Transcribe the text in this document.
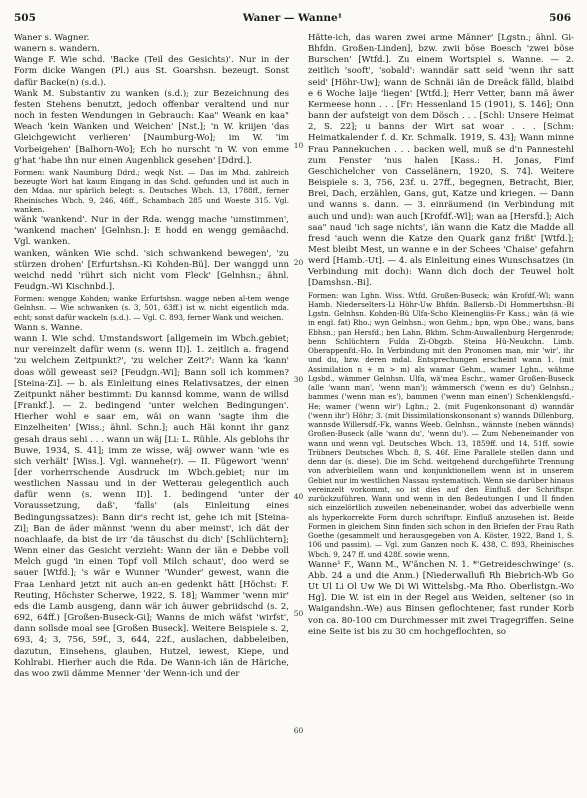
505	Waner — Wanne¹	506

Waner s. Wagner.

wanern s. wandern.

Wange F. Wie schd. 'Backe (Teil des Gesichts)'. Nur in der Form dicke Wangen (Pl.) aus St. Goarshsn. bezeugt. Sonst dafür Backe(n) (s.d.).

Wank M. Substantiv zu wanken (s.d.); zur Bezeichnung des festen Stehens benutzt, jedoch offenbar veraltend und nur noch in festen Wendungen in Gebrauch: Kaa" Weank en kaa" Weach 'kein Wanken und Weichen' [Nst.]; 'n W. kriijen 'das Gleichgewicht verlieren' [Naumburg-Wo]; im W. 'im Vorbeigehen' [Balhorn-Wo]; Ech ho nurscht 'n W. von emme g'hat 'habe ihn nur einen Augenblick gesehen' [Ddrd.].

Formen: wank Naumburg Ddrd.; weqk Nst. — Das im Mhd. zahlreich bezeugte Wort hat kaum Eingang in das Schd. gefunden und ist auch in den Mdaa. nur spärlich belegt: s. Deutsches Wbch. 13, 1788ff., ferner Rheinisches Wbch. 9, 246, 46ff., Schambach 285 und Woeste 315. Vgl. wanken.

wänk 'wankend'. Nur in der Rda. wengg mache 'umstimmen', 'wankend machen' [Gelnhsn.]: E hodd en wengg gemäachd. Vgl. wanken.

wanken, wänken Wie schd. 'sich schwankend bewegen', 'zu stürzen drohen' [Erfurtshsn.-Ki Kohden-Bü]. Der wanggd unn weichd nedd 'rührt sich nicht vom Fleck' [Gelnhsn.; ähnl. Feudgn.-Wi Kischnbd.].

Formen: wengge Kohden; wanke Erfurtshsn. wagge neben al-tem wenge Gelnhsn. — Wie schwanken (s. 3, 501, 63ff.) ist w. nicht eigentlich mda. echt; sonst dafür wackeln (s.d.). — Vgl. C. 893, ferner Wank und weichen.

Wann s. Wanne.

wann I. Wie schd. Umstandswort [allgemein im Wbch.gebiet; nur vereinzelt dafür wenn (s. wenn II)]. 1. zeitlich a. fragend 'zu welchem Zeitpunkt?', 'zu welcher Zeit?': Wann ka 'kann' doas wöll geweast sei? [Feudgn.-Wi]; Bann soll ich kommen? [Steina-Zi]. — b. als Einleitung eines Relativsatzes, der einen Zeitpunkt näher bestimmt: Du kannsd komme, wann de willsd [Frankf.]. — 2. bedingend 'unter welchen Bedingungen'. Hierher wohl e saar em, wäi on wann 'sagte ihm die Einzelheiten' [Wiss.; ähnl. Schn.]; auch Häi konnt ihr ganz gesah draus sehi . . . wann un wäj [Li: L. Rühle. Als geblohs ihr Buwe, 1934, S. 41]; imm ze wisse, wäj owwer wann 'wie es sich verhält' [Wiss.]. Vgl. wannehe(r). — II. Fügewort 'wenn' [der vorherrschende Ausdruck im Wbch.gebiet; nur im westlichen Nassau und in der Wetterau gelegentlich auch dafür wenn (s. wenn II)]. 1. bedingend 'unter der Voraussetzung, daß', 'falls' (als Einleitung eines Bedingungssatzes): Bann dir's recht ist, gehe ich mit [Steina-Zi]; Ban de äder männst 'wenn du aber meinst', ich dät der noachlaafe, da bist de irr 'da täuschst du dich' [Schlüchtern]; Wenn einer das Gesicht verzieht: Wann der iän e Debbe voll Melch gugd 'in einen Topf voll Milch schaut', doo werd se sauer [Wtfd.]; 's wär e Wunner 'Wunder' gewest, wann die Fraa Lenhard jetzt nit auch an-en gedenkt hätt [Höchst: F. Reuting, Höchster Scherwe, 1922, S. 18]; Wammer 'wenn mir' eds die Lamb ausgeng, dann wär ich äuwer gebriidschd (s. 2, 692, 64ff.) [Großen-Buseck-Gi]; Wanns de mich wäfst 'wirfst', dann sollsde moal see [Großen Buseck]. Weitere Beispiele s. 2, 693, 4; 3, 756, 59f., 3, 644, 22f., auslachen, dabbeleiben, dazutun, Einsehens, glauben, Hutzel, iewest, Kiepe, und Kohlrabi. Hierher auch die Rda. De Wann-ich iän de Häriche, das woo zwii dämme Menner 'der Wenn-ich und der

10
20
30
40
50
60

Hätte-ich, das waren zwei arme Männer' [Lgstn.; ähnl. Gi-Bhfdn. Großen-Linden], bzw. zwii böse Boesch 'zwei böse Burschen' [Wtfd.]. Zu einem Wortspiel s. Wanne. — 2. zeitlich 'sooft', 'sobald': wanndär satt seid 'wenn ihr satt seid' [Höhr-Uw]; wann de Schnäi iän de Dreäck fälld, blaibd e 6 Woche laije 'liegen' [Wtfd.]; Herr Vetter, bann mä äwer Kermeese honn . . . [Fr: Hessenland 15 (1901), S. 146]; Onn bann der aufsteigt von dem Dösch . . . [Schl: Unsere Heimat 2, S. 22]; u banns der Wirt sat woar . . . [Schm: Heimatkalender f. d. Kr. Schmalk. 1919, S. 43]; Wann minne Frau Pannekuchen . . . backen well, muß se d'n Pannestehl zum Fenster 'nus halen [Kass.: H. Jonas, Fimf Geschichelcher von Casselänern, 1920, S. 74]. Weitere Beispiele s. 3, 756, 23f. u. 27ff., begegnen, Betracht, Bier, Brei, Dach, erzählen, Gans, gut, Katze und kriegen. — Dann und wanns s. dann. — 3. einräumend (in Verbindung mit auch und und): wan auch [Krofdf.-Wl]; wan aa [Hersfd.]; Aich saa" naud 'ich sage nichts', iän wann die Katz die Madde all fresd 'auch wenn die Katze den Quark ganz frißt' [Wtfd.]; Mest bleibt Mest, un wanne e in der Schees 'Chaise' gefahrn werd [Hamb.-Ut]. — 4. als Einleitung eines Wunschsatzes (in Verbindung mit doch): Wann dich doch der Teuwel holt [Damshsn.-Bi].

Formen: wan Lghn. Wiss. Wtfd. Großen-Buseck; wän Krofdf.-Wl; wann Hamb. Niederselters-Li Höhr-Uw Bhfdn. Ballersb.-Di Hommertshsn.-Bi Lgstn. Gelnhsn. Kohden-Bü Ulfa-Scho Kleinengliis-Fr Kass.; wän (ä wie in engl. fat) Rho.; wyn Gelnhsn.; won Gehm.; bpn, wpn Obe.; wans, bans Ebhsn.; pan Hersfd.; ben Lahn. Bkhm. Schm-Auwallenburg Hergenrode; benn Schlüchtern Fulda Zi-Obgzb. Steina Hü-Neukchn. Limb. Oberappenfd.-Ho. In Verbindung mit den Pronomen man, mir 'wir', ihr und du, bzw. deren mdal. Entsprechungen erscheint wann 1. (mit Assimilation n + m > m) als wamar Gehm., wamer Lghn., wähme Lgsbd., wämmer Gelnhsn. Ulfa, wä'mea Eschr., wamer Großen-Buseck (alle 'wann man', 'wenn man'); wämmersch ('wenn es du') Gelnhsn.; bammes ('wenn man es'), bammen ('wenn man einen') Schenklengsfd.-He; wamer ('wenn wir') Lghn.; 2. (mit Fugenkonsonant d) wanndär ('wenn ihr') Höhr; 3. (mit Dissimilationskonsonant s) wannds Dillenburg, wannsde Willersdf.-Fk, wanns Weeb. Gelnhsn., wännste (neben wännds) Großen-Buseck (alle 'wann du', 'wenn du'). — Zum Nebeneinander von wann und wenn vgl. Deutsches Wbch. 13, 1859ff. und 14, 51ff. sowie Trübners Deutsches Wbch. 8, S. 46f. Eine Parallele stellen dann und denn dar (s. diese). Die im Schd. weitgehend durchgeführte Trennung von adverbiellem wann und konjunktionellem wenn ist in unserem Gebiet nur im westlichen Nassau systematisch. Wenn sie darüber hinaus vereinzelt vorkommt, so ist dies auf den Einfluß der Schriftspr. zurückzuführen. Wann und wenn in den Bedeutungen I und II finden sich einzelörtlich zuweilen nebeneinander, wobei das adverbielle wenn als hyperkorrekte Form durch schriftspr. Einfluß anzusehen ist. Beide Formen in gleichem Sinn finden sich schon in den Briefen der Frau Rath Goethe (gesammelt und herausgegeben von A. Köster, 1922, Band 1, S. 106 und passim). — Vgl. zum Ganzen noch K. 438, C. 893, Rheinisches Wbch. 9, 247 ff. und 428f. sowie wenn.

Wanne¹ F., Wann M., W'änchen N. 1. *'Getreideschwinge' (s. Abb. 24 a und die Anm.) [Niederwallufi Rh Biebrich-Wb Go Ut Ul Li Ol Uw We Di Wi Wittelsbg.-Ma Rho. Oberlistgn.-Wo Hg]. Die W. ist ein in der Regel aus Weiden, seltener (so in Waigandshn.-We) aus Binsen geflochtener, fast runder Korb von ca. 80-100 cm Durchmesser mit zwei Tragegriffen. Seine eine Seite ist bis zu 30 cm hochgeflochten, so
